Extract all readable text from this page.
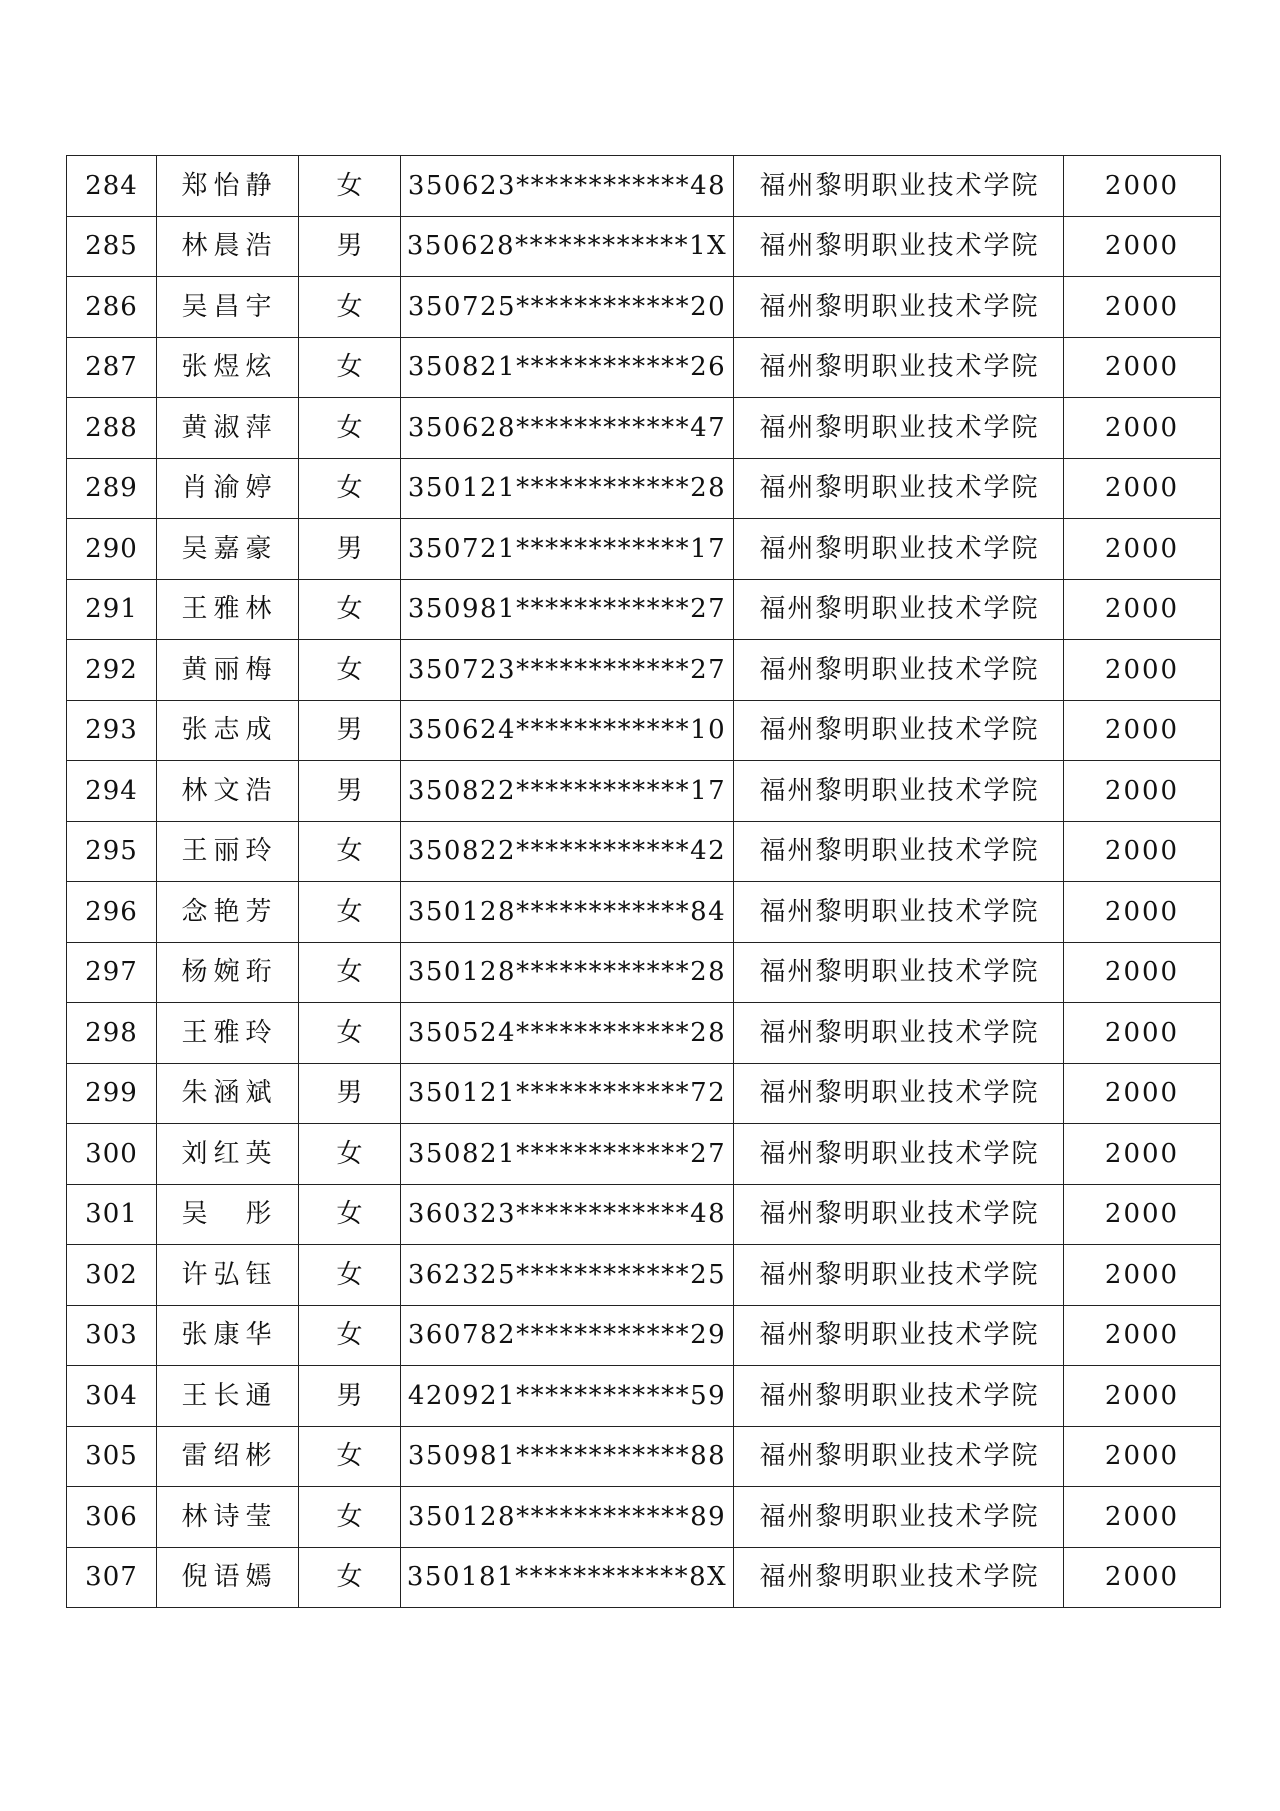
284	郑怡静	女	350623************48	福州黎明职业技术学院	2000
285	林晨浩	男	350628************1X	福州黎明职业技术学院	2000
286	吴昌宇	女	350725************20	福州黎明职业技术学院	2000
287	张煜炫	女	350821************26	福州黎明职业技术学院	2000
288	黄淑萍	女	350628************47	福州黎明职业技术学院	2000
289	肖渝婷	女	350121************28	福州黎明职业技术学院	2000
290	吴嘉豪	男	350721************17	福州黎明职业技术学院	2000
291	王雅林	女	350981************27	福州黎明职业技术学院	2000
292	黄丽梅	女	350723************27	福州黎明职业技术学院	2000
293	张志成	男	350624************10	福州黎明职业技术学院	2000
294	林文浩	男	350822************17	福州黎明职业技术学院	2000
295	王丽玲	女	350822************42	福州黎明职业技术学院	2000
296	念艳芳	女	350128************84	福州黎明职业技术学院	2000
297	杨婉珩	女	350128************28	福州黎明职业技术学院	2000
298	王雅玲	女	350524************28	福州黎明职业技术学院	2000
299	朱涵斌	男	350121************72	福州黎明职业技术学院	2000
300	刘红英	女	350821************27	福州黎明职业技术学院	2000
301	吴　彤	女	360323************48	福州黎明职业技术学院	2000
302	许弘钰	女	362325************25	福州黎明职业技术学院	2000
303	张康华	女	360782************29	福州黎明职业技术学院	2000
304	王长通	男	420921************59	福州黎明职业技术学院	2000
305	雷绍彬	女	350981************88	福州黎明职业技术学院	2000
306	林诗莹	女	350128************89	福州黎明职业技术学院	2000
307	倪语嫣	女	350181************8X	福州黎明职业技术学院	2000
